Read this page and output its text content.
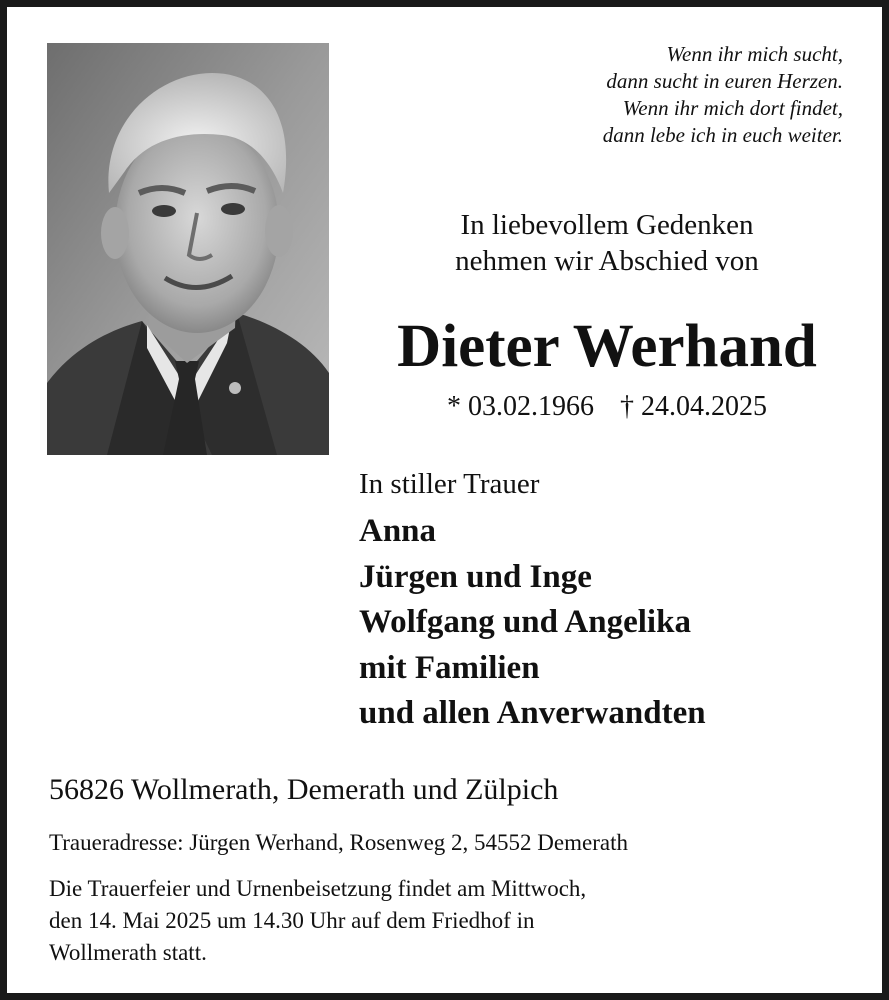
Wenn ihr mich sucht,
dann sucht in euren Herzen.
Wenn ihr mich dort findet,
dann lebe ich in euch weiter.
In liebevollem Gedenken
nehmen wir Abschied von
Dieter Werhand
* 03.02.1966 † 24.04.2025
In stiller Trauer
Anna
Jürgen und Inge
Wolfgang und Angelika
mit Familien
und allen Anverwandten
56826 Wollmerath, Demerath und Zülpich
Traueradresse: Jürgen Werhand, Rosenweg 2, 54552 Demerath
Die Trauerfeier und Urnenbeisetzung findet am Mittwoch,
den 14. Mai 2025 um 14.30 Uhr auf dem Friedhof in
Wollmerath statt.
